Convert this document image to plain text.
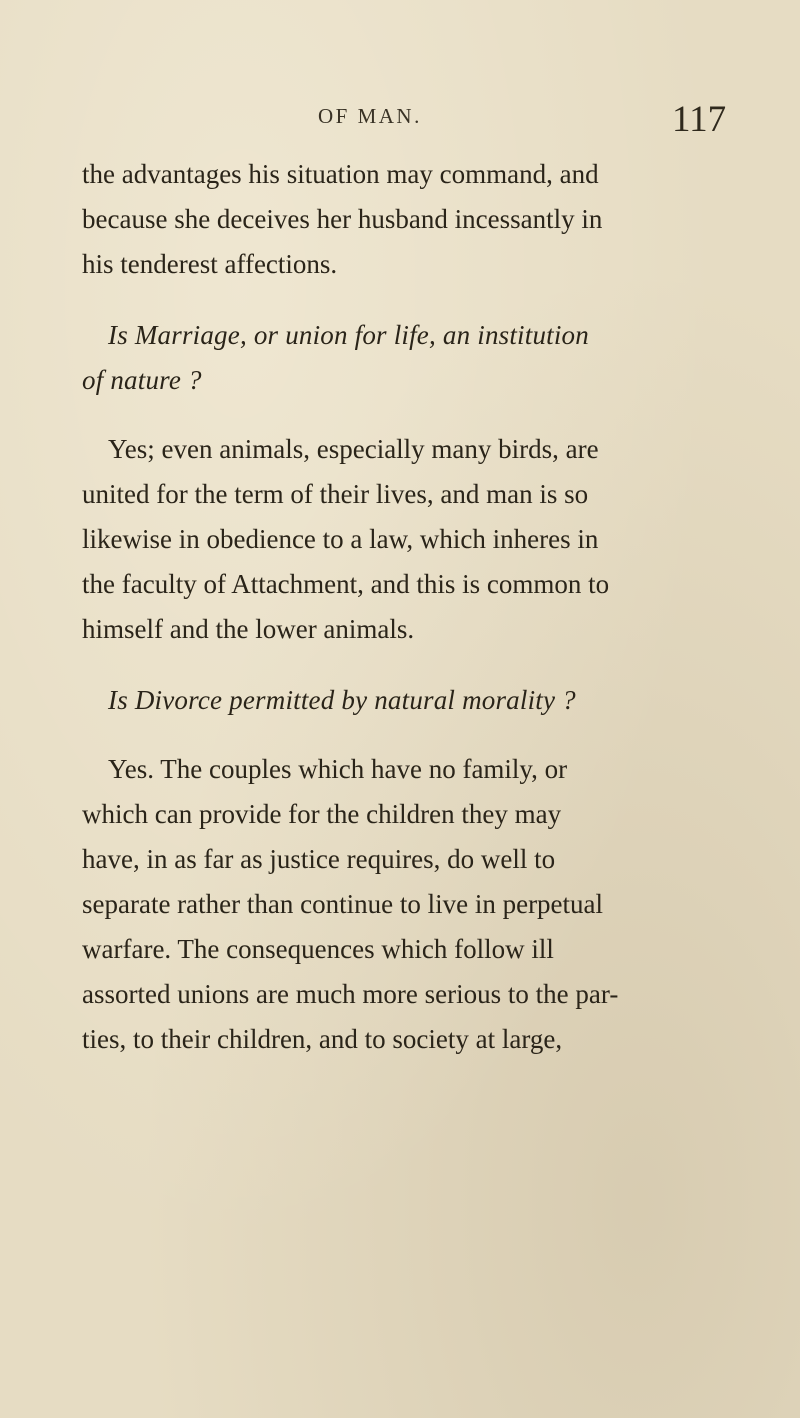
OF MAN.	117
the advantages his situation may command, and
because she deceives her husband incessantly in
his tenderest affections.
Is Marriage, or union for life, an institution
of nature ?
Yes; even animals, especially many birds, are
united for the term of their lives, and man is so
likewise in obedience to a law, which inheres in
the faculty of Attachment, and this is common to
himself and the lower animals.
Is Divorce permitted by natural morality ?
Yes. The couples which have no family, or
which can provide for the children they may
have, in as far as justice requires, do well to
separate rather than continue to live in perpetual
warfare. The consequences which follow ill
assorted unions are much more serious to the par-
ties, to their children, and to society at large,
